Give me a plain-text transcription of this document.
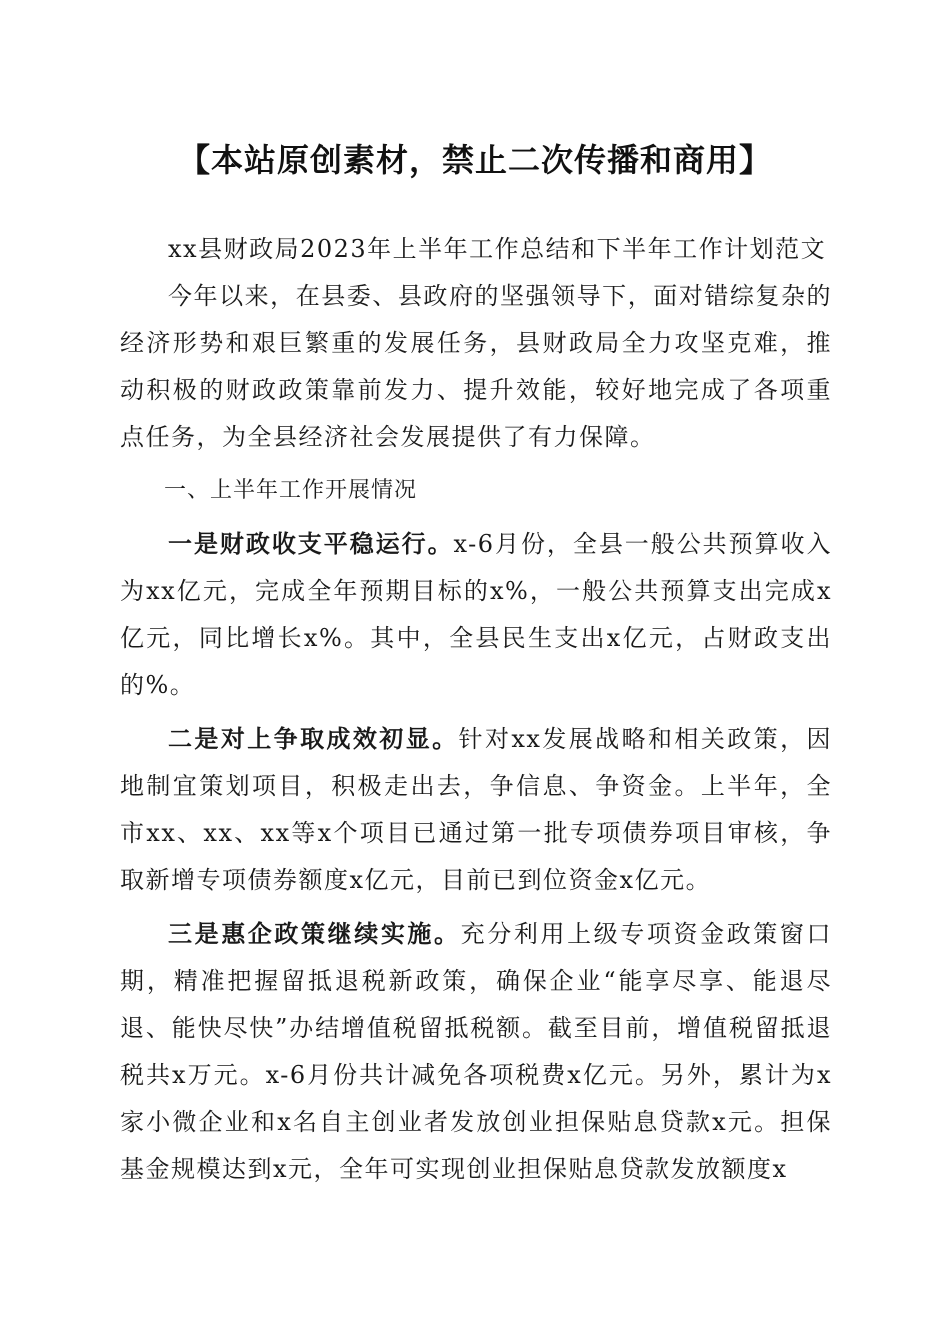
【本站原创素材，禁止二次传播和商用】

xx县财政局2023年上半年工作总结和下半年工作计划范文

今年以来，在县委、县政府的坚强领导下，面对错综复杂的经济形势和艰巨繁重的发展任务，县财政局全力攻坚克难，推动积极的财政政策靠前发力、提升效能，较好地完成了各项重点任务，为全县经济社会发展提供了有力保障。

一、上半年工作开展情况

一是财政收支平稳运行。x-6月份，全县一般公共预算收入为xx亿元，完成全年预期目标的x%，一般公共预算支出完成x亿元，同比增长x%。其中，全县民生支出x亿元，占财政支出的%。

二是对上争取成效初显。针对xx发展战略和相关政策，因地制宜策划项目，积极走出去，争信息、争资金。上半年，全市xx、xx、xx等x个项目已通过第一批专项债券项目审核，争取新增专项债券额度x亿元，目前已到位资金x亿元。

三是惠企政策继续实施。充分利用上级专项资金政策窗口期，精准把握留抵退税新政策，确保企业“能享尽享、能退尽退、能快尽快”办结增值税留抵税额。截至目前，增值税留抵退税共x万元。x-6月份共计减免各项税费x亿元。另外，累计为x家小微企业和x名自主创业者发放创业担保贴息贷款x元。担保基金规模达到x元，全年可实现创业担保贴息贷款发放额度x
